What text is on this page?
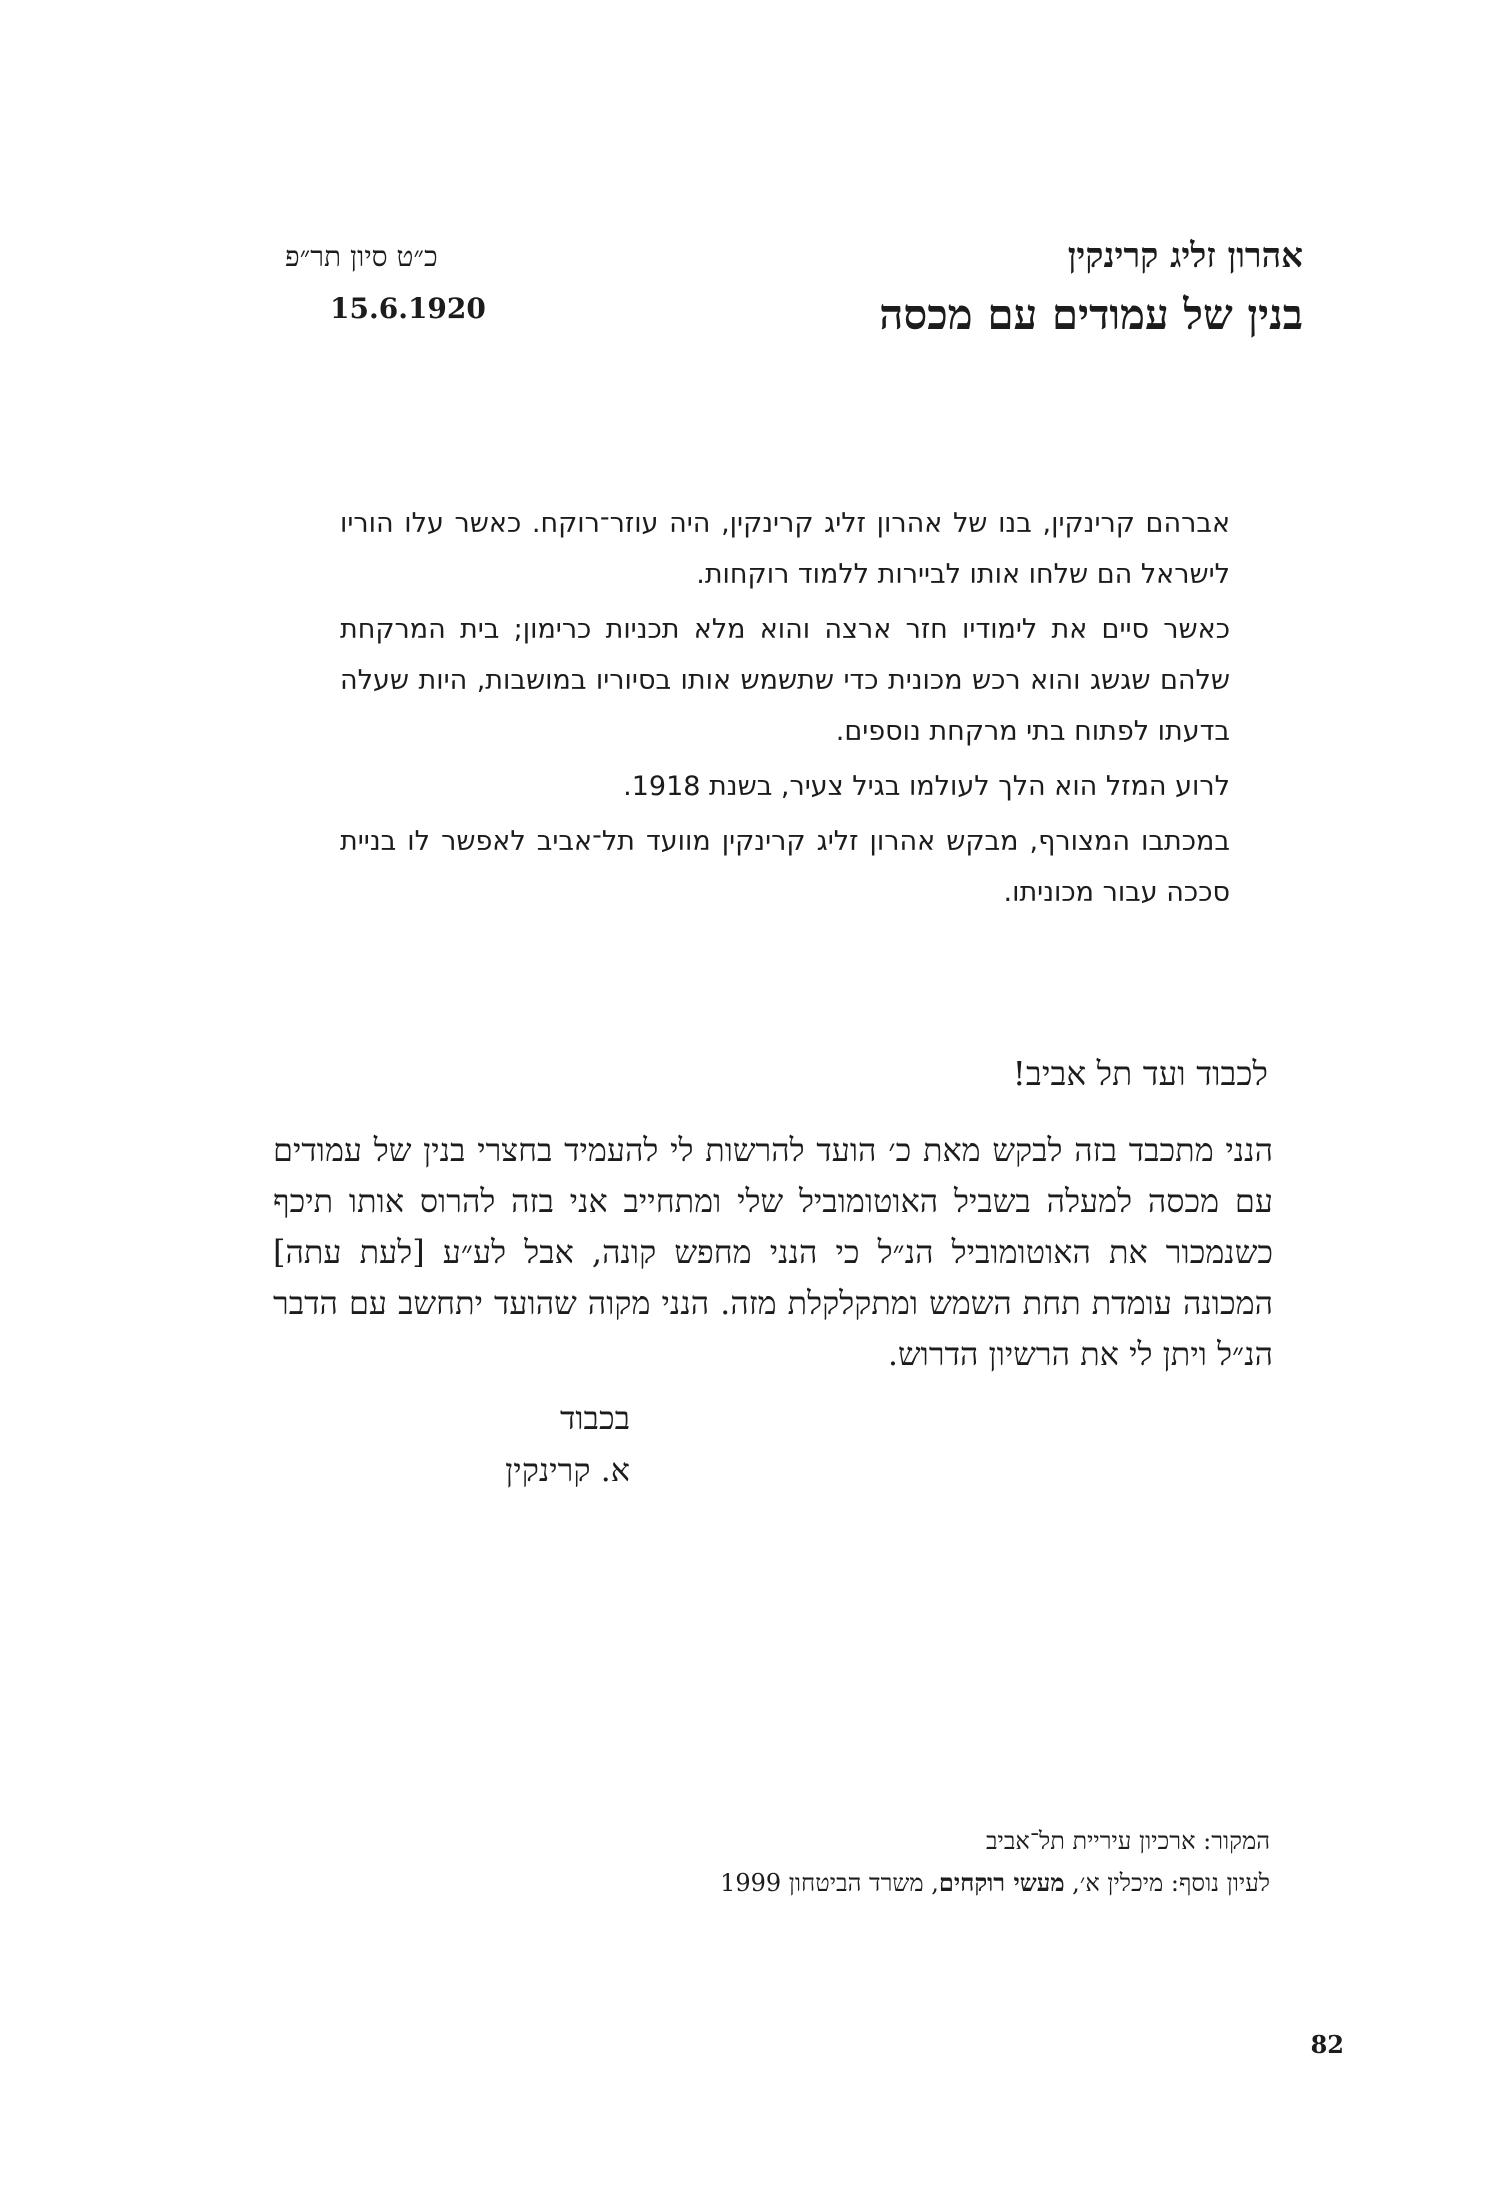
אהרון זליג קרינקין
בנין של עמודים עם מכסה
כ״ט סיון תר״פ
15.6.1920

אברהם קרינקין, בנו של אהרון זליג קרינקין, היה עוזר־רוקח. כאשר עלו הוריו לישראל הם שלחו אותו לביירות ללמוד רוקחות.

כאשר סיים את לימודיו חזר ארצה והוא מלא תכניות כרימון; בית המרקחת שלהם שגשג והוא רכש מכונית כדי שתשמש אותו בסיוריו במושבות, היות שעלה בדעתו לפתוח בתי מרקחת נוספים.

לרוע המזל הוא הלך לעולמו בגיל צעיר, בשנת 1918.

במכתבו המצורף, מבקש אהרון זליג קרינקין מוועד תל־אביב לאפשר לו בניית סככה עבור מכוניתו.

לכבוד ועד תל אביב!
הנני מתכבד בזה לבקש מאת כ׳ הועד להרשות לי להעמיד בחצרי בנין של עמודים עם מכסה למעלה בשביל האוטומוביל שלי ומתחייב אני בזה להרוס אותו תיכף כשנמכור את האוטומוביל הנ״ל כי הנני מחפש קונה, אבל לע״ע [לעת עתה] המכונה עומדת תחת השמש ומתקלקלת מזה. הנני מקוה שהועד יתחשב עם הדבר הנ״ל ויתן לי את הרשיון הדרוש.
בכבוד
א. קרינקין
המקור: ארכיון עיריית תל־אביב
לעיון נוסף: מיכלין א׳, מעשי רוקחים, משרד הביטחון 1999
82
